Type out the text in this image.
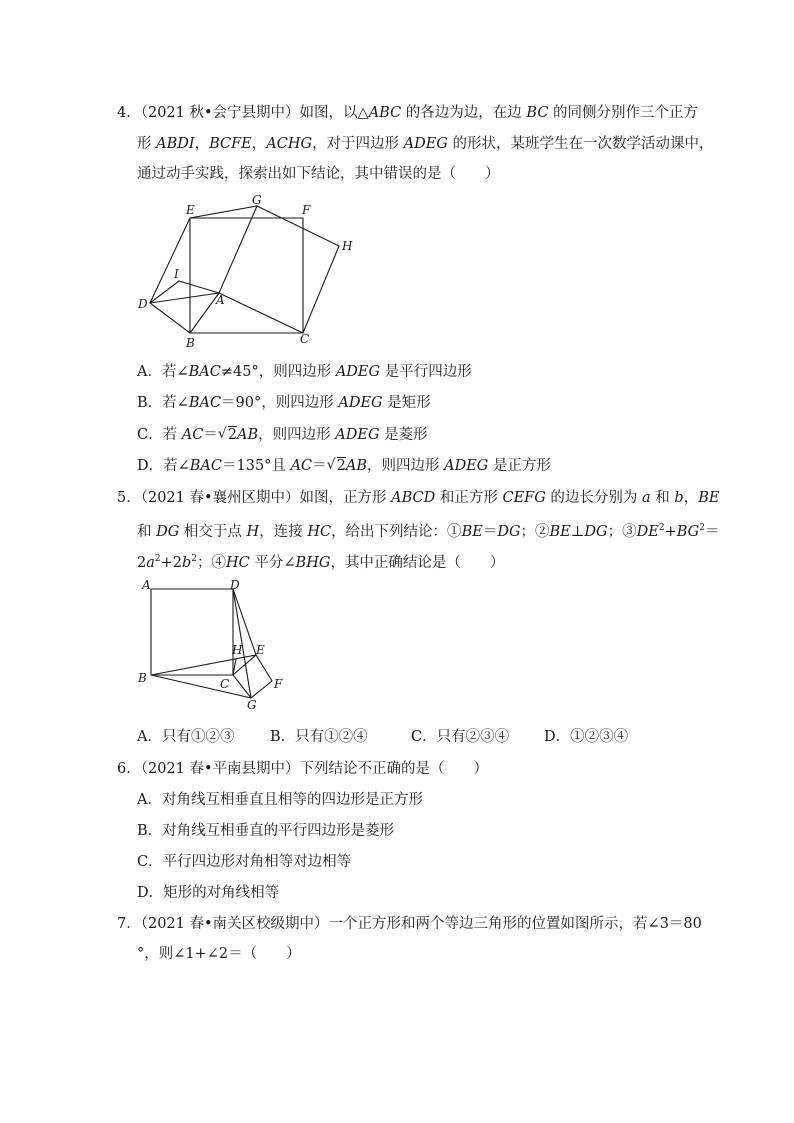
4．（2021 秋•会宁县期中）如图，以△ABC 的各边为边，在边 BC 的同侧分别作三个正方
形 ABDI，BCFE，ACHG，对于四边形 ADEG 的形状，某班学生在一次数学活动课中，
通过动手实践，探索出如下结论，其中错误的是（　　）
E
G
F
H
I
D	A
B	C
A．若∠BAC≠45°，则四边形 ADEG 是平行四边形
B．若∠BAC＝90°，则四边形 ADEG 是矩形
C．若 AC＝ √ 2AB，则四边形 ADEG 是菱形
D．若∠BAC＝135°且 AC＝ √ 2AB，则四边形 ADEG 是正方形
5．（2021 春•襄州区期中）如图，正方形 ABCD 和正方形 CEFG 的边长分别为 a 和 b，BE
和 DG 相交于点 H，连接 HC，给出下列结论：①BE＝DG；②BE⊥DG；$③DE^2+BG^2=$
$2a^2+2b^2$；④HC 平分∠BHG，其中正确结论是（　　）
A	D
H E
B	C	F
G
A．只有①②③ B．只有①②④	C．只有②③④ D．①②③④
6．（2021 春•平南县期中）下列结论不正确的是（　　）
A．对角线互相垂直且相等的四边形是正方形
B．对角线互相垂直的平行四边形是菱形
C．平行四边形对角相等对边相等
D．矩形的对角线相等
7．（2021 春•南关区校级期中）一个正方形和两个等边三角形的位置如图所示，若∠3＝80
°，则∠1+∠2＝（　　）
